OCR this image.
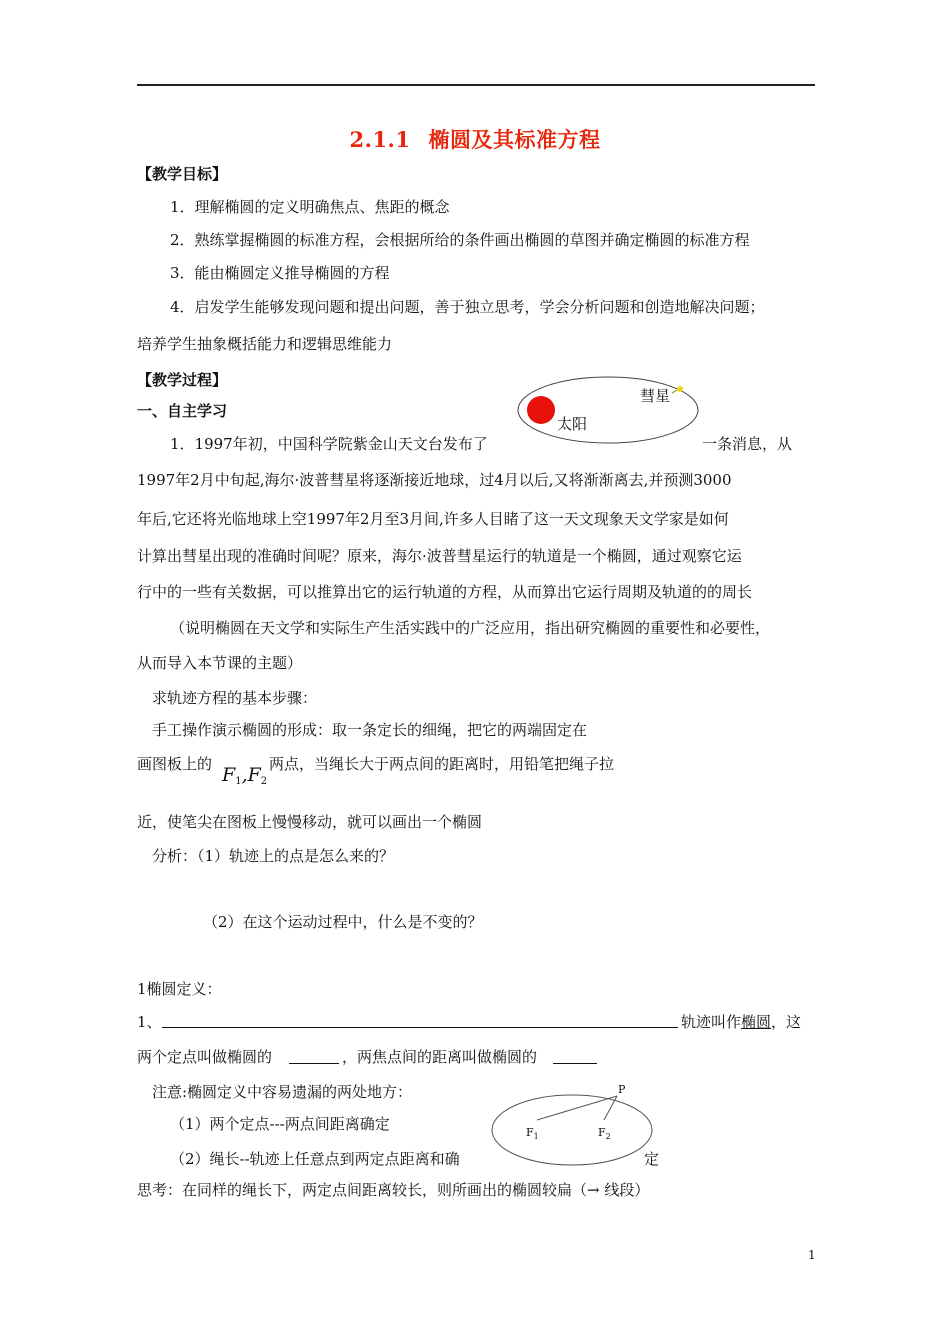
2.1.1 椭圆及其标准方程
【教学目标】
1．理解椭圆的定义明确焦点、焦距的概念
2．熟练掌握椭圆的标准方程，会根据所给的条件画出椭圆的草图并确定椭圆的标准方程
3．能由椭圆定义推导椭圆的方程
4．启发学生能够发现问题和提出问题，善于独立思考，学会分析问题和创造地解决问题；
培养学生抽象概括能力和逻辑思维能力
【教学过程】
一、自主学习
彗星
太阳
1．1997年初，中国科学院紫金山天文台发布了	一条消息，从
1997年2月中旬起,海尔·波普彗星将逐渐接近地球，过4月以后,又将渐渐离去,并预测3000
年后,它还将光临地球上空1997年2月至3月间,许多人目睹了这一天文现象天文学家是如何
计算出彗星出现的准确时间呢？原来，海尔·波普彗星运行的轨道是一个椭圆，通过观察它运
行中的一些有关数据，可以推算出它的运行轨道的方程，从而算出它运行周期及轨道的的周长
（说明椭圆在天文学和实际生产生活实践中的广泛应用，指出研究椭圆的重要性和必要性，
从而导入本节课的主题）
求轨迹方程的基本步骤：
手工操作演示椭圆的形成：取一条定长的细绳，把它的两端固定在
画图板上的 $F_1,F_2$
两点，当绳长大于两点间的距离时，用铅笔把绳子拉
近，使笔尖在图板上慢慢移动，就可以画出一个椭圆
分析：（1）轨迹上的点是怎么来的？
（2）在这个运动过程中，什么是不变的？
1椭圆定义：
1、	轨迹叫作椭圆，这
两个定点叫做椭圆的	，两焦点间的距离叫做椭圆的
注意:椭圆定义中容易遗漏的两处地方：
（1）两个定点---两点间距离确定
（2）绳长--轨迹上任意点到两定点距离和确	定
P
$F_1$	$F_2$
思考：在同样的绳长下，两定点间距离较长，则所画出的椭圆较扁（→ 线段）
1
